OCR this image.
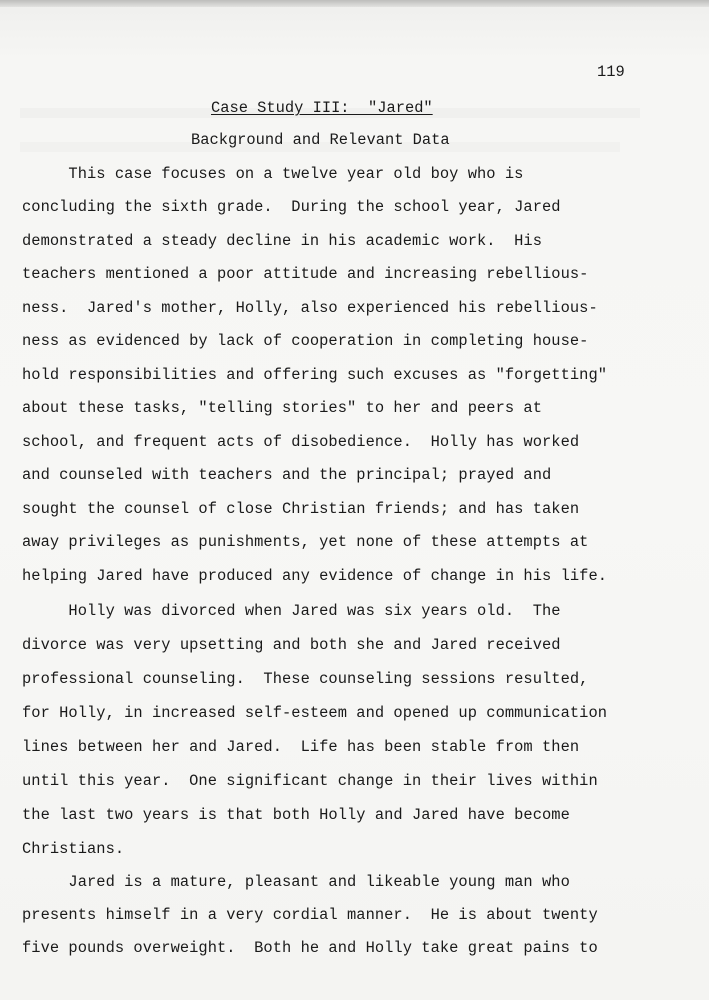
119
Case Study III:  "Jared"
Background and Relevant Data
This case focuses on a twelve year old boy who is
concluding the sixth grade.  During the school year, Jared
demonstrated a steady decline in his academic work.  His
teachers mentioned a poor attitude and increasing rebellious-
ness.  Jared's mother, Holly, also experienced his rebellious-
ness as evidenced by lack of cooperation in completing house-
hold responsibilities and offering such excuses as "forgetting"
about these tasks, "telling stories" to her and peers at
school, and frequent acts of disobedience.  Holly has worked
and counseled with teachers and the principal; prayed and
sought the counsel of close Christian friends; and has taken
away privileges as punishments, yet none of these attempts at
helping Jared have produced any evidence of change in his life.
Holly was divorced when Jared was six years old.  The
divorce was very upsetting and both she and Jared received
professional counseling.  These counseling sessions resulted,
for Holly, in increased self-esteem and opened up communication
lines between her and Jared.  Life has been stable from then
until this year.  One significant change in their lives within
the last two years is that both Holly and Jared have become
Christians.
Jared is a mature, pleasant and likeable young man who
presents himself in a very cordial manner.  He is about twenty
five pounds overweight.  Both he and Holly take great pains to
